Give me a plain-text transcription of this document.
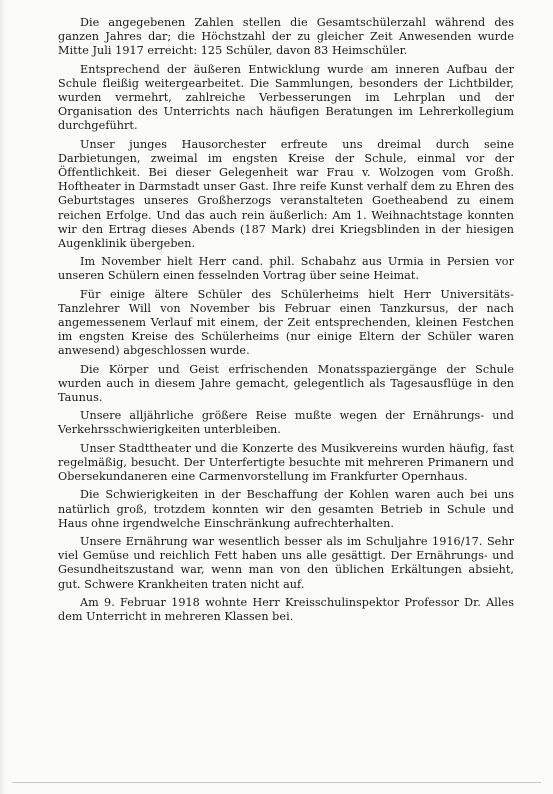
Die angegebenen Zahlen stellen die Gesamtschülerzahl während des ganzen Jahres dar; die Höchstzahl der zu gleicher Zeit Anwesenden wurde Mitte Juli 1917 erreicht: 125 Schüler, davon 83 Heimschüler.

Entsprechend der äußeren Entwicklung wurde am inneren Aufbau der Schule fleißig weitergearbeitet. Die Sammlungen, besonders der Lichtbilder, wurden vermehrt, zahlreiche Verbesserungen im Lehrplan und der Organisation des Unterrichts nach häufigen Beratungen im Lehrerkollegium durchgeführt.

Unser junges Hausorchester erfreute uns dreimal durch seine Darbietungen, zweimal im engsten Kreise der Schule, einmal vor der Öffentlichkeit. Bei dieser Gelegenheit war Frau v. Wolzogen vom Großh. Hoftheater in Darmstadt unser Gast. Ihre reife Kunst verhalf dem zu Ehren des Geburtstages unseres Großherzogs veranstalteten Goetheabend zu einem reichen Erfolge. Und das auch rein äußerlich: Am 1. Weihnachtstage konnten wir den Ertrag dieses Abends (187 Mark) drei Kriegsblinden in der hiesigen Augenklinik übergeben.

Im November hielt Herr cand. phil. Schabahz aus Urmia in Persien vor unseren Schülern einen fesselnden Vortrag über seine Heimat.

Für einige ältere Schüler des Schülerheims hielt Herr Universitäts-Tanzlehrer Will von November bis Februar einen Tanzkursus, der nach angemessenem Verlauf mit einem, der Zeit entsprechenden, kleinen Festchen im engsten Kreise des Schülerheims (nur einige Eltern der Schüler waren anwesend) abgeschlossen wurde.

Die Körper und Geist erfrischenden Monatsspaziergänge der Schule wurden auch in diesem Jahre gemacht, gelegentlich als Tagesausflüge in den Taunus.

Unsere alljährliche größere Reise mußte wegen der Ernährungs- und Verkehrsschwierigkeiten unterbleiben.

Unser Stadttheater und die Konzerte des Musikvereins wurden häufig, fast regelmäßig, besucht. Der Unterfertigte besuchte mit mehreren Primanern und Obersekundaneren eine Carmenvorstellung im Frankfurter Opernhaus.

Die Schwierigkeiten in der Beschaffung der Kohlen waren auch bei uns natürlich groß, trotzdem konnten wir den gesamten Betrieb in Schule und Haus ohne irgendwelche Einschränkung aufrechterhalten.

Unsere Ernährung war wesentlich besser als im Schuljahre 1916/17. Sehr viel Gemüse und reichlich Fett haben uns alle gesättigt. Der Ernährungs- und Gesundheitszustand war, wenn man von den üblichen Erkältungen absieht, gut. Schwere Krankheiten traten nicht auf.

Am 9. Februar 1918 wohnte Herr Kreisschulinspektor Professor Dr. Alles dem Unterricht in mehreren Klassen bei.
